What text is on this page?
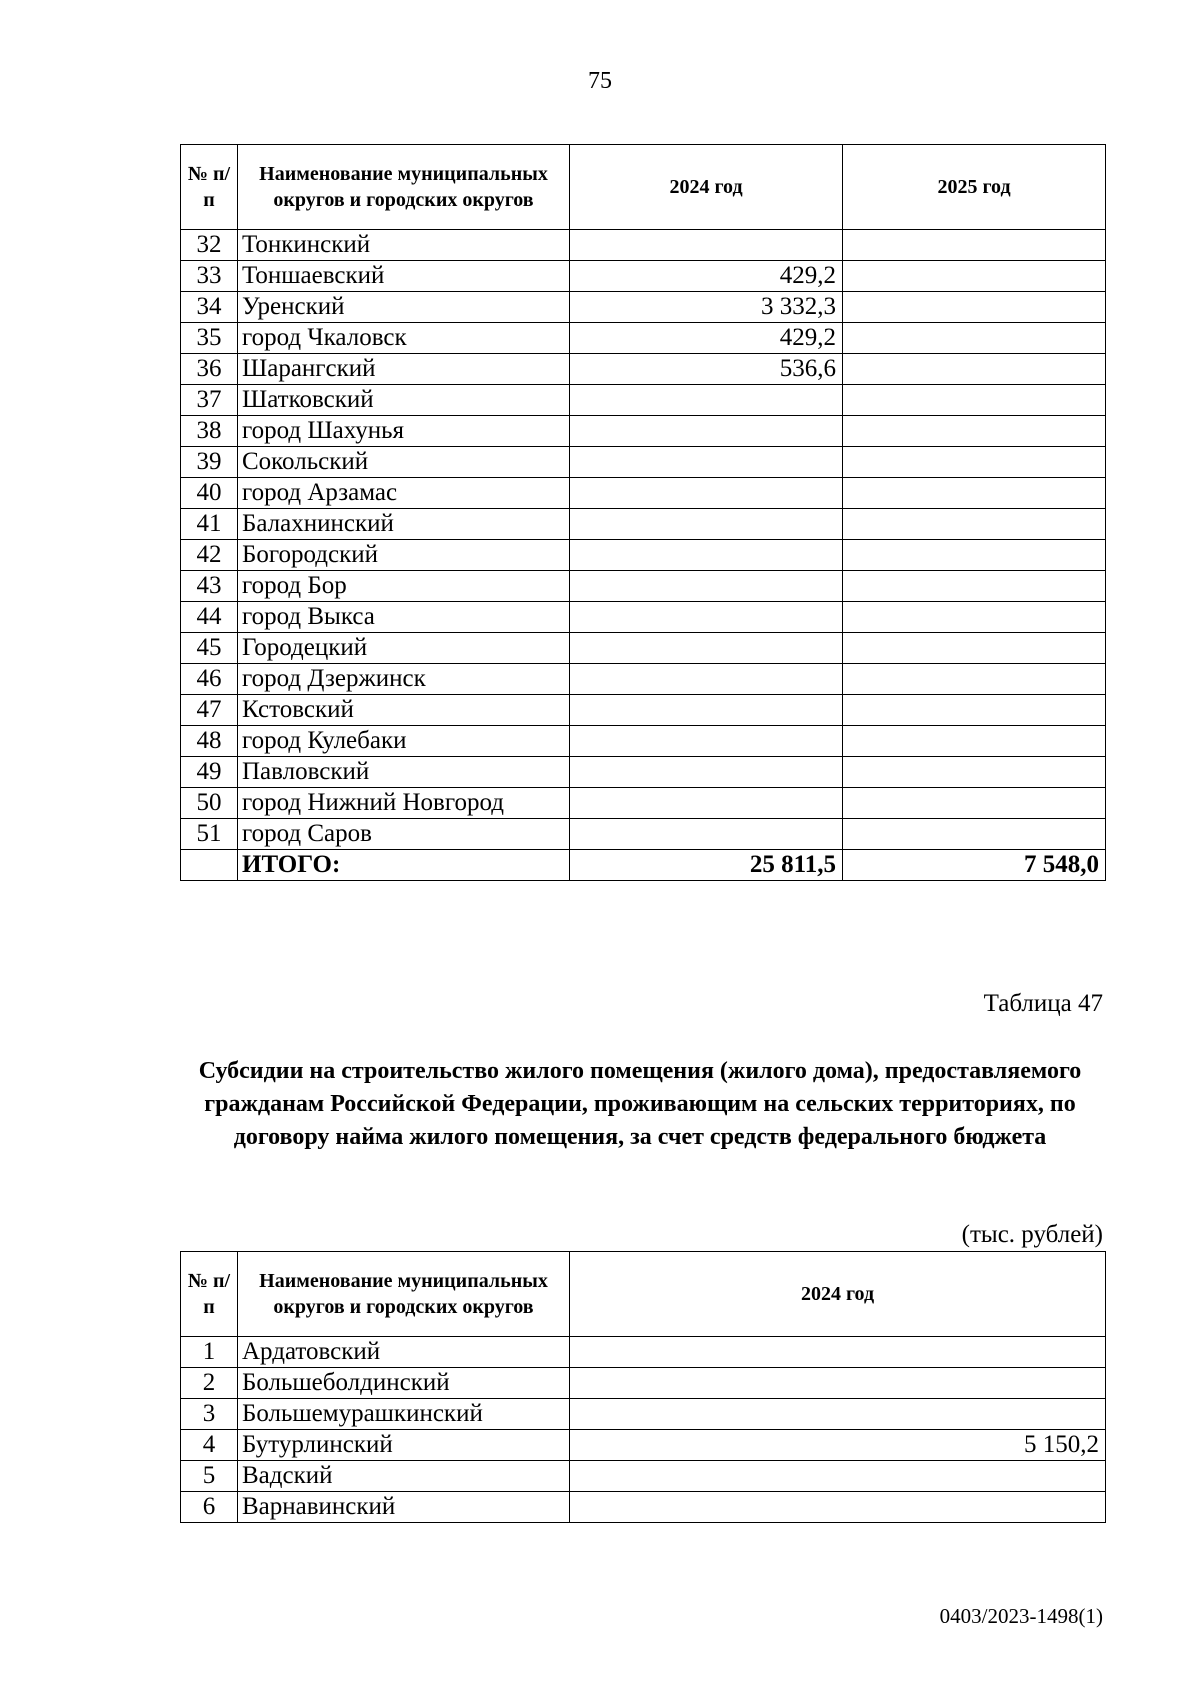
75
№ п/п	Наименование муниципальных округов и городских округов	2024 год	2025 год
32	Тонкинский		
33	Тоншаевский	429,2	
34	Уренский	3 332,3	
35	город Чкаловск	429,2	
36	Шарангский	536,6	
37	Шатковский		
38	город Шахунья		
39	Сокольский		
40	город Арзамас		
41	Балахнинский		
42	Богородский		
43	город Бор		
44	город Выкса		
45	Городецкий		
46	город Дзержинск		
47	Кстовский		
48	город Кулебаки		
49	Павловский		
50	город Нижний Новгород		
51	город Саров		
	ИТОГО:	25 811,5	7 548,0
Таблица 47
Субсидии на строительство жилого помещения (жилого дома), предоставляемого гражданам Российской Федерации, проживающим на сельских территориях, по договору найма жилого помещения, за счет средств федерального бюджета
(тыс. рублей)
№ п/п	Наименование муниципальных округов и городских округов	2024 год
1	Ардатовский	
2	Большеболдинский	
3	Большемурашкинский	
4	Бутурлинский	5 150,2
5	Вадский	
6	Варнавинский	
0403/2023-1498(1)
